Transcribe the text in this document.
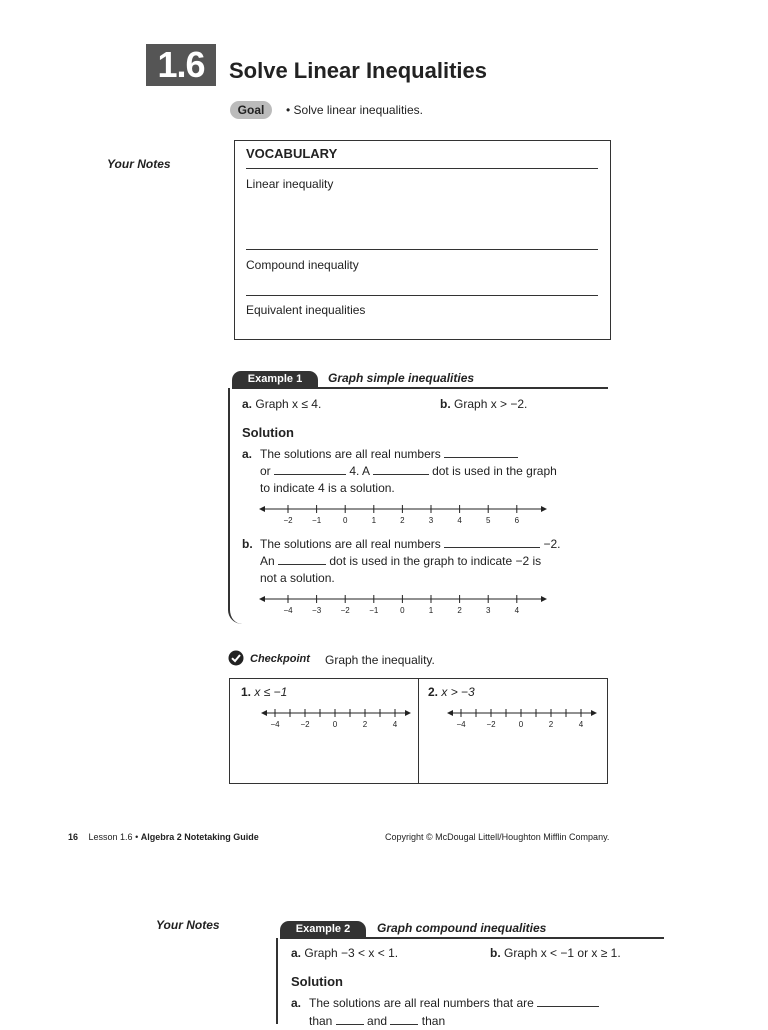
1.6	Solve Linear Inequalities
Goal	• Solve linear inequalities.
Your Notes
VOCABULARY
Linear inequality
Compound inequality
Equivalent inequalities
Example 1	Graph simple inequalities
a. Graph x ≤ 4.	b. Graph x > −2.
Solution
a. The solutions are all real numbers
or	4. A	dot is used in the graph
to indicate 4 is a solution.
−2 −1	0	1	2	3	4	5	6
b. The solutions are all real numbers	−2.
An	dot is used in the graph to indicate −2 is
not a solution.
−4 −3 −2 −1	0	1	2	3	4
Checkpoint Graph the inequality.
1. x ≤ −1
−4	−2	0	2	4
2. x > −3
−4	−2	0	2	4
16 Lesson 1.6 • Algebra 2 Notetaking Guide	Copyright © McDougal Littell/Houghton Mifflin Company.
Your Notes	Example 2	Graph compound inequalities
a. Graph −3 < x < 1.	b. Graph x < −1 or x ≥ 1.
Solution
a. The solutions are all real numbers that are
than	and	than
